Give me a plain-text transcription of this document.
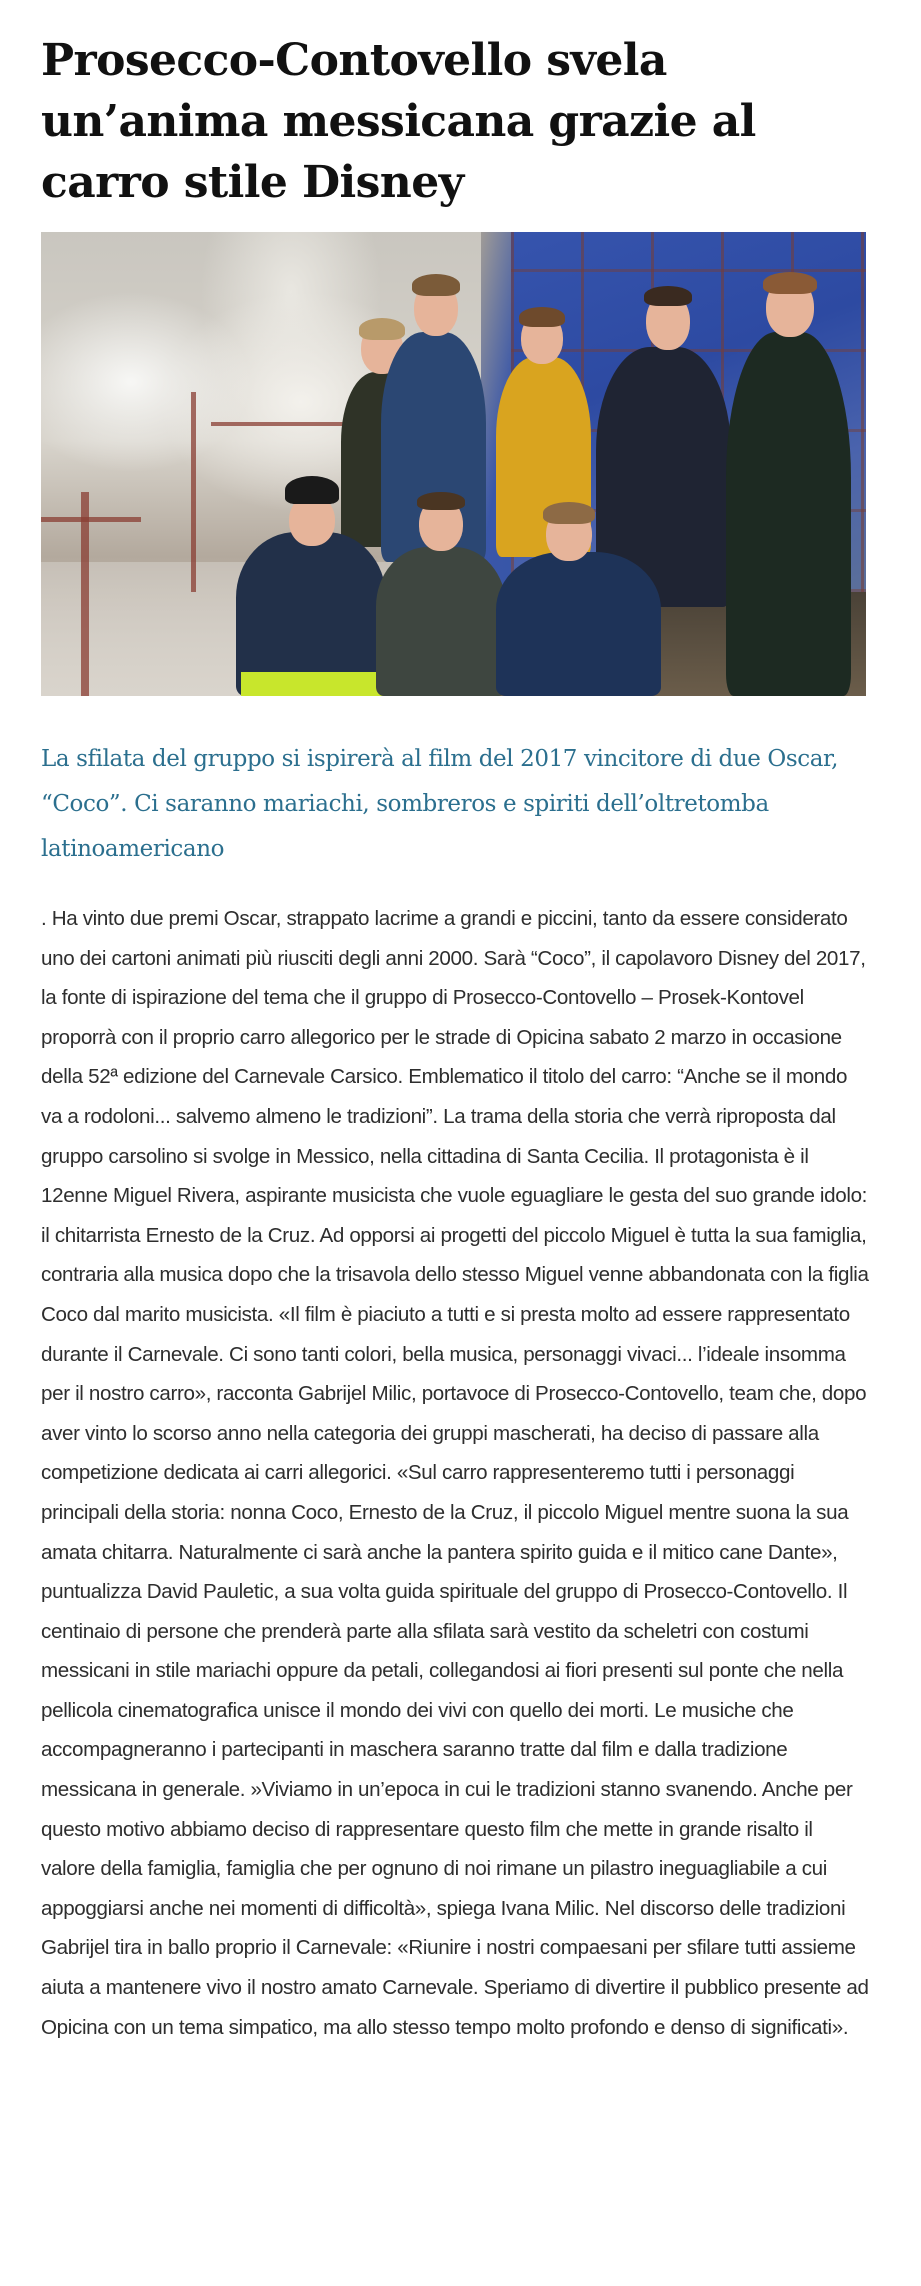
Prosecco-Contovello svela un’anima messicana grazie al carro stile Disney

La sfilata del gruppo si ispirerà al film del 2017 vincitore di due Oscar, “Coco”. Ci saranno mariachi, sombreros e spiriti dell’oltretomba latinoamericano

. Ha vinto due premi Oscar, strappato lacrime a grandi e piccini, tanto da essere considerato uno dei cartoni animati più riusciti degli anni 2000. Sarà “Coco”, il capolavoro Disney del 2017, la fonte di ispirazione del tema che il gruppo di Prosecco-Contovello – Prosek-Kontovel proporrà con il proprio carro allegorico per le strade di Opicina sabato 2 marzo in occasione della 52ª edizione del Carnevale Carsico. Emblematico il titolo del carro: “Anche se il mondo va a rodoloni... salvemo almeno le tradizioni”. La trama della storia che verrà riproposta dal gruppo carsolino si svolge in Messico, nella cittadina di Santa Cecilia. Il protagonista è il 12enne Miguel Rivera, aspirante musicista che vuole eguagliare le gesta del suo grande idolo: il chitarrista Ernesto de la Cruz. Ad opporsi ai progetti del piccolo Miguel è tutta la sua famiglia, contraria alla musica dopo che la trisavola dello stesso Miguel venne abbandonata con la figlia Coco dal marito musicista. «Il film è piaciuto a tutti e si presta molto ad essere rappresentato durante il Carnevale. Ci sono tanti colori, bella musica, personaggi vivaci... l’ideale insomma per il nostro carro», racconta Gabrijel Milic, portavoce di Prosecco-Contovello, team che, dopo aver vinto lo scorso anno nella categoria dei gruppi mascherati, ha deciso di passare alla competizione dedicata ai carri allegorici. «Sul carro rappresenteremo tutti i personaggi principali della storia: nonna Coco, Ernesto de la Cruz, il piccolo Miguel mentre suona la sua amata chitarra. Naturalmente ci sarà anche la pantera spirito guida e il mitico cane Dante», puntualizza David Pauletic, a sua volta guida spirituale del gruppo di Prosecco-Contovello. Il centinaio di persone che prenderà parte alla sfilata sarà vestito da scheletri con costumi messicani in stile mariachi oppure da petali, collegandosi ai fiori presenti sul ponte che nella pellicola cinematografica unisce il mondo dei vivi con quello dei morti. Le musiche che accompagneranno i partecipanti in maschera saranno tratte dal film e dalla tradizione messicana in generale. »Viviamo in un’epoca in cui le tradizioni stanno svanendo. Anche per questo motivo abbiamo deciso di rappresentare questo film che mette in grande risalto il valore della famiglia, famiglia che per ognuno di noi rimane un pilastro ineguagliabile a cui appoggiarsi anche nei momenti di difficoltà», spiega Ivana Milic. Nel discorso delle tradizioni Gabrijel tira in ballo proprio il Carnevale: «Riunire i nostri compaesani per sfilare tutti assieme aiuta a mantenere vivo il nostro amato Carnevale. Speriamo di divertire il pubblico presente ad Opicina con un tema simpatico, ma allo stesso tempo molto profondo e denso di significati».
